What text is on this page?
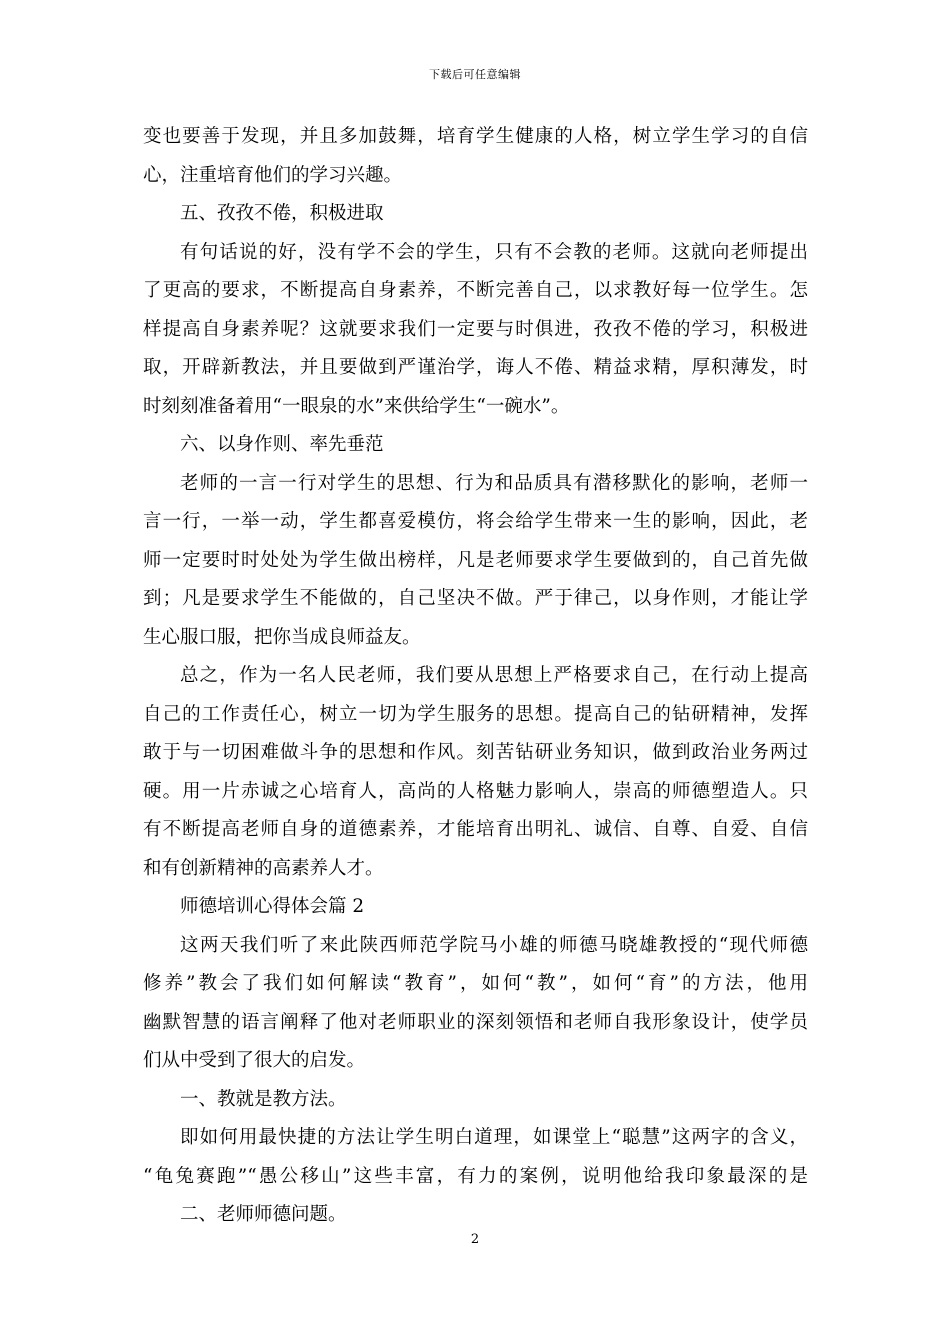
下载后可任意编辑
变也要善于发现，并且多加鼓舞，培育学生健康的人格，树立学生学习的自信
心，注重培育他们的学习兴趣。
五、孜孜不倦，积极进取
有句话说的好，没有学不会的学生，只有不会教的老师。这就向老师提出
了更高的要求，不断提高自身素养，不断完善自己，以求教好每一位学生。怎
样提高自身素养呢？这就要求我们一定要与时俱进，孜孜不倦的学习，积极进
取，开辟新教法，并且要做到严谨治学，诲人不倦、精益求精，厚积薄发，时
时刻刻准备着用“一眼泉的水”来供给学生“一碗水”。
六、以身作则、率先垂范
老师的一言一行对学生的思想、行为和品质具有潜移默化的影响，老师一
言一行，一举一动，学生都喜爱模仿，将会给学生带来一生的影响，因此，老
师一定要时时处处为学生做出榜样，凡是老师要求学生要做到的，自己首先做
到；凡是要求学生不能做的，自己坚决不做。严于律己，以身作则，才能让学
生心服口服，把你当成良师益友。
总之，作为一名人民老师，我们要从思想上严格要求自己，在行动上提高
自己的工作责任心，树立一切为学生服务的思想。提高自己的钻研精神，发挥
敢于与一切困难做斗争的思想和作风。刻苦钻研业务知识，做到政治业务两过
硬。用一片赤诚之心培育人，高尚的人格魅力影响人，崇高的师德塑造人。只
有不断提高老师自身的道德素养，才能培育出明礼、诚信、自尊、自爱、自信
和有创新精神的高素养人才。
师德培训心得体会篇 2
这两天我们听了来此陕西师范学院马小雄的师德马晓雄教授的“现代师德
修养”教会了我们如何解读“教育”，如何“教”，如何“育”的方法，他用
幽默智慧的语言阐释了他对老师职业的深刻领悟和老师自我形象设计，使学员
们从中受到了很大的启发。
一、教就是教方法。
即如何用最快捷的方法让学生明白道理，如课堂上“聪慧”这两字的含义，
“龟兔赛跑”“愚公移山”这些丰富，有力的案例，说明他给我印象最深的是
二、老师师德问题。
2
